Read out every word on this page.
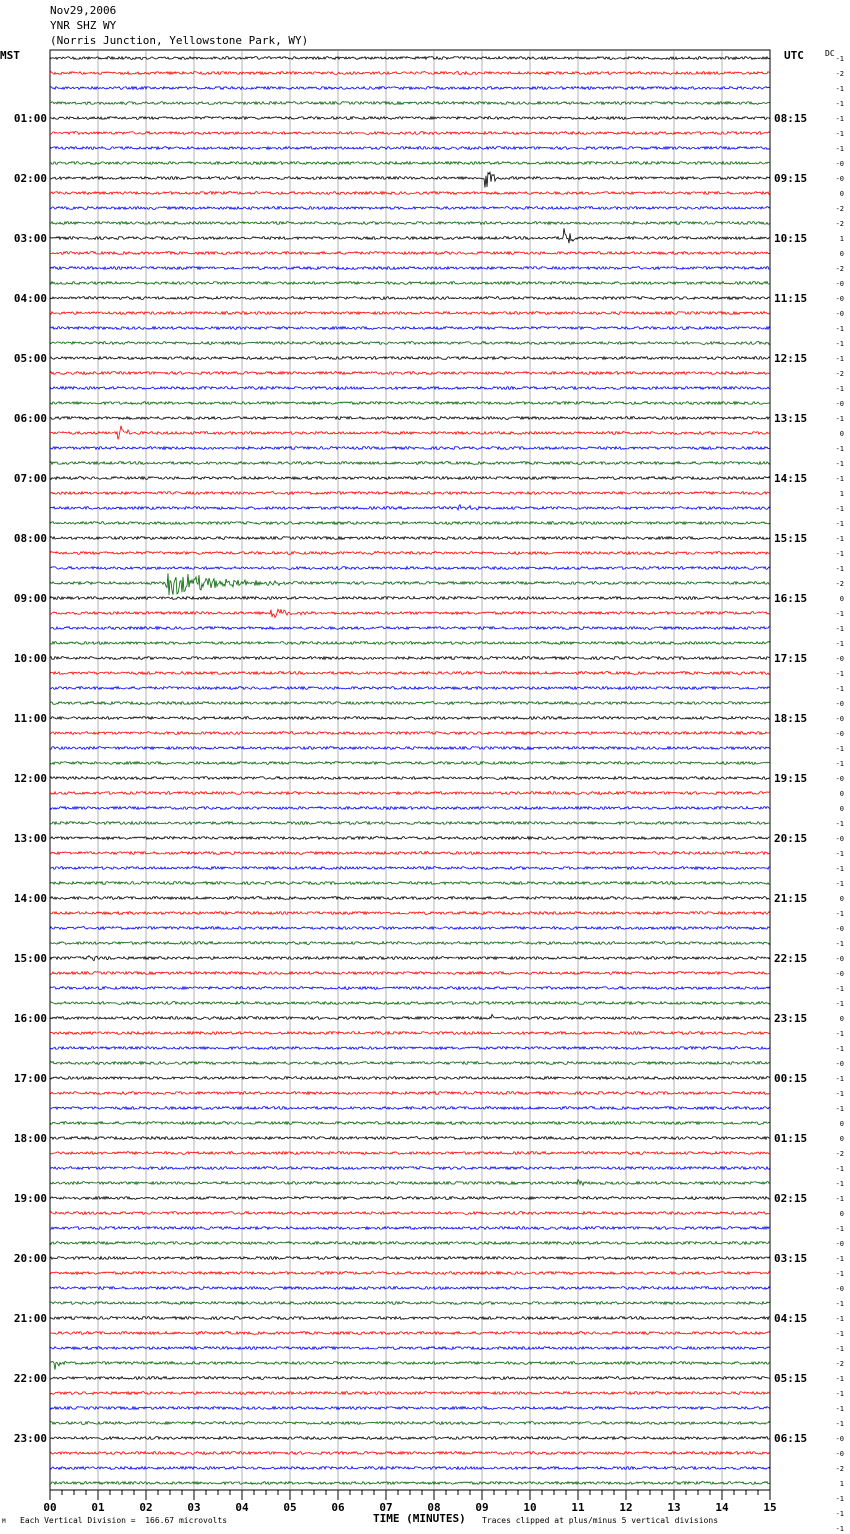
Nov29,2006
YNR SHZ WY
(Norris Junction, Yellowstone Park, WY)
MST	UTC	DC
00	01	02	03	04	05	06	07	08	09	10	11	12	13	14	15
01:00
02:00
03:00
04:00
05:00
06:00
07:00
08:00
09:00
10:00
11:00
12:00
13:00
14:00
15:00
16:00
17:00
18:00
19:00
20:00
21:00
22:00
23:00
08:15
09:15
10:15
11:15
12:15
13:15
14:15
15:15
16:15
17:15
18:15
19:15
20:15
21:15
22:15
23:15
00:15
01:15
02:15
03:15
04:15
05:15
06:15
-1
-2
-1
-1
-1
-1
-1
-0
-0
0
-2
-2
1
0
-2
-0
-0
-0
-1
-1
-1
-2
-1
-0
-1
0
-1
-1
-1
1
-1
-1
-1
-1
-1
-2
0
-1
-1
-1
-0
-1
-1
-0
-0
-0
-1
-1
-0
0
0
-1
-0
-1
-1
-1
0
-1
-0
-1
-0
-0
-1
-1
0
-1
-1
-0
-1
-1
-1
0
0
-2
-1
-1
-1
0
-1
-0
-1
-1
-0
-1
-1
-1
-1
-2
-1
-1
-1
-1
-0
-0
-2
1
-1
-1
-1
TIME (MINUTES)
Each Vertical Division =  166.67 microvolts	Traces clipped at plus/minus 5 vertical divisions
M
